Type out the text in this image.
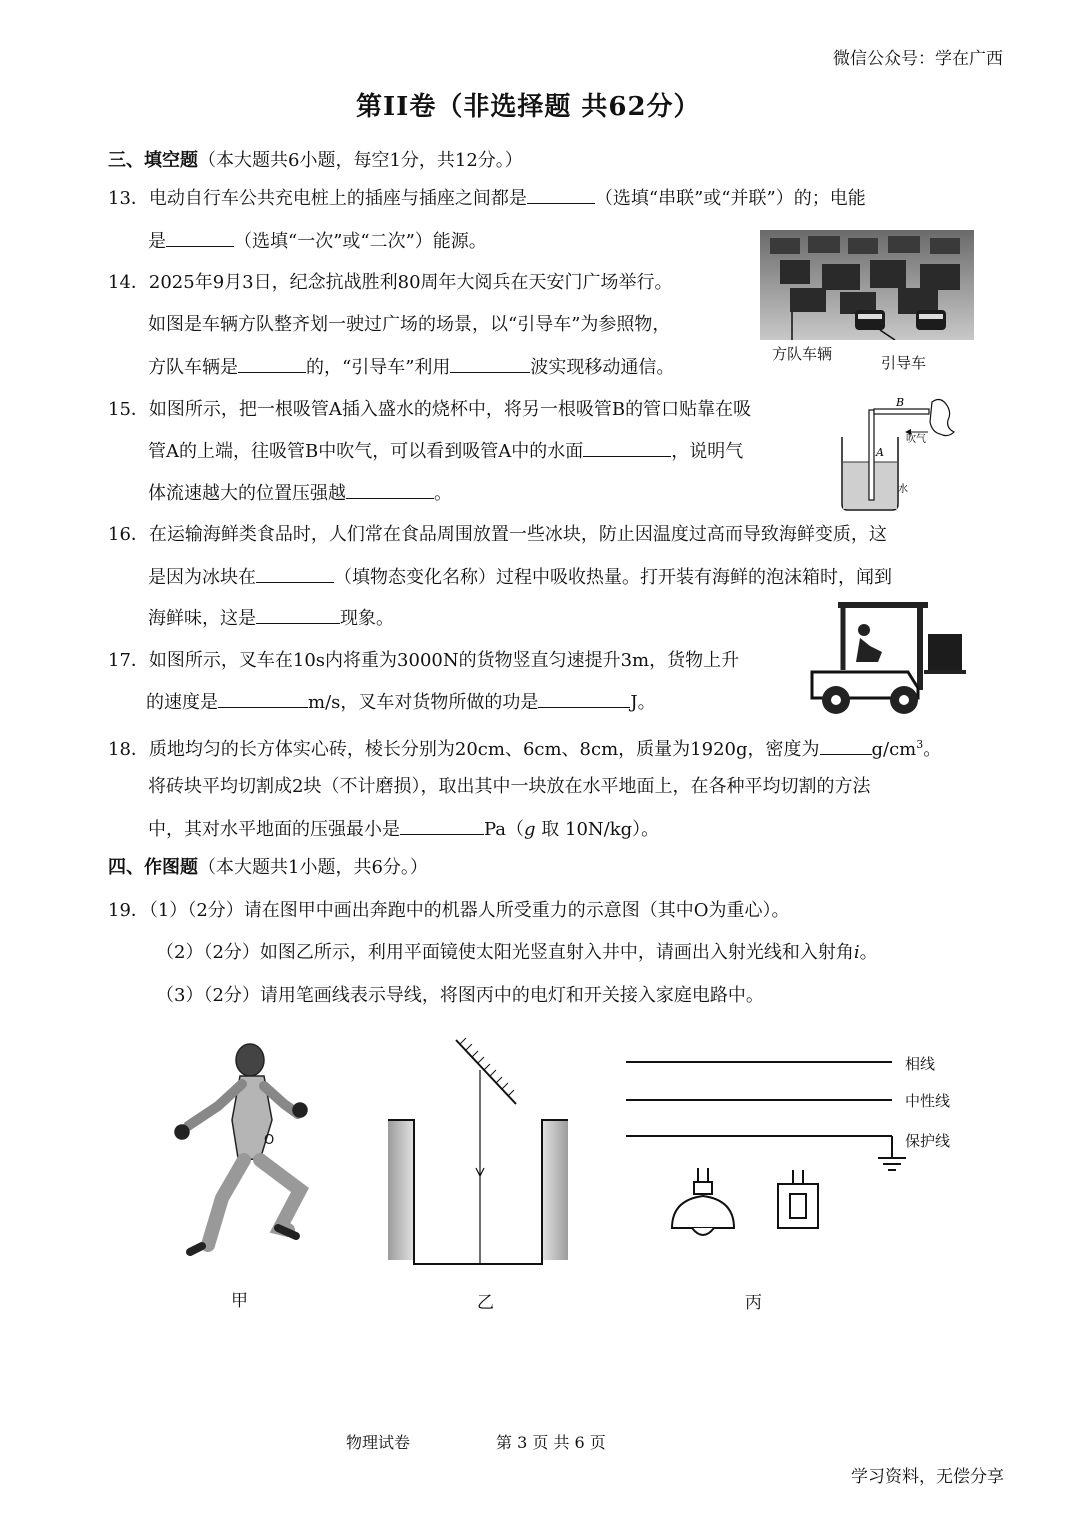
微信公众号：学在广西
第II卷（非选择题 共62分）
三、填空题（本大题共6小题，每空1分，共12分。）
13．电动自行车公共充电桩上的插座与插座之间都是	（选填“串联”或“并联”）的；电能
是	（选填“一次”或“二次”）能源。
14．2025年9月3日，纪念抗战胜利80周年大阅兵在天安门广场举行。
如图是车辆方队整齐划一驶过广场的场景，以“引导车”为参照物，
方队车辆是	的，“引导车”利用	波实现移动通信。
方队车辆	引导车
15．如图所示，把一根吸管A插入盛水的烧杯中，将另一根吸管B的管口贴靠在吸
管A的上端，往吸管B中吹气，可以看到吸管A中的水面	，说明气
体流速越大的位置压强越	。
B
A
吹气
水
16．在运输海鲜类食品时，人们常在食品周围放置一些冰块，防止因温度过高而导致海鲜变质，这
是因为冰块在	（填物态变化名称）过程中吸收热量。打开装有海鲜的泡沫箱时，闻到
海鲜味，这是	现象。
17．如图所示，叉车在10s内将重为3000N的货物竖直匀速提升3m，货物上升
的速度是	m/s，叉车对货物所做的功是	J。
18．质地均匀的长方体实心砖，棱长分别为20cm、6cm、8cm，质量为1920g，密度为	$g/cm^3$。
将砖块平均切割成2块（不计磨损），取出其中一块放在水平地面上，在各种平均切割的方法
中，其对水平地面的压强最小是	Pa（g 取 10N/kg）。
四、作图题（本大题共1小题，共6分。）
19．（1）（2分）请在图甲中画出奔跑中的机器人所受重力的示意图（其中O为重心）。
（2）（2分）如图乙所示，利用平面镜使太阳光竖直射入井中，请画出入射光线和入射角i。
（3）（2分）请用笔画线表示导线，将图丙中的电灯和开关接入家庭电路中。
O
甲	乙
相线
中性线
保护线
丙
物理试卷	第 3 页 共 6 页
学习资料，无偿分享
